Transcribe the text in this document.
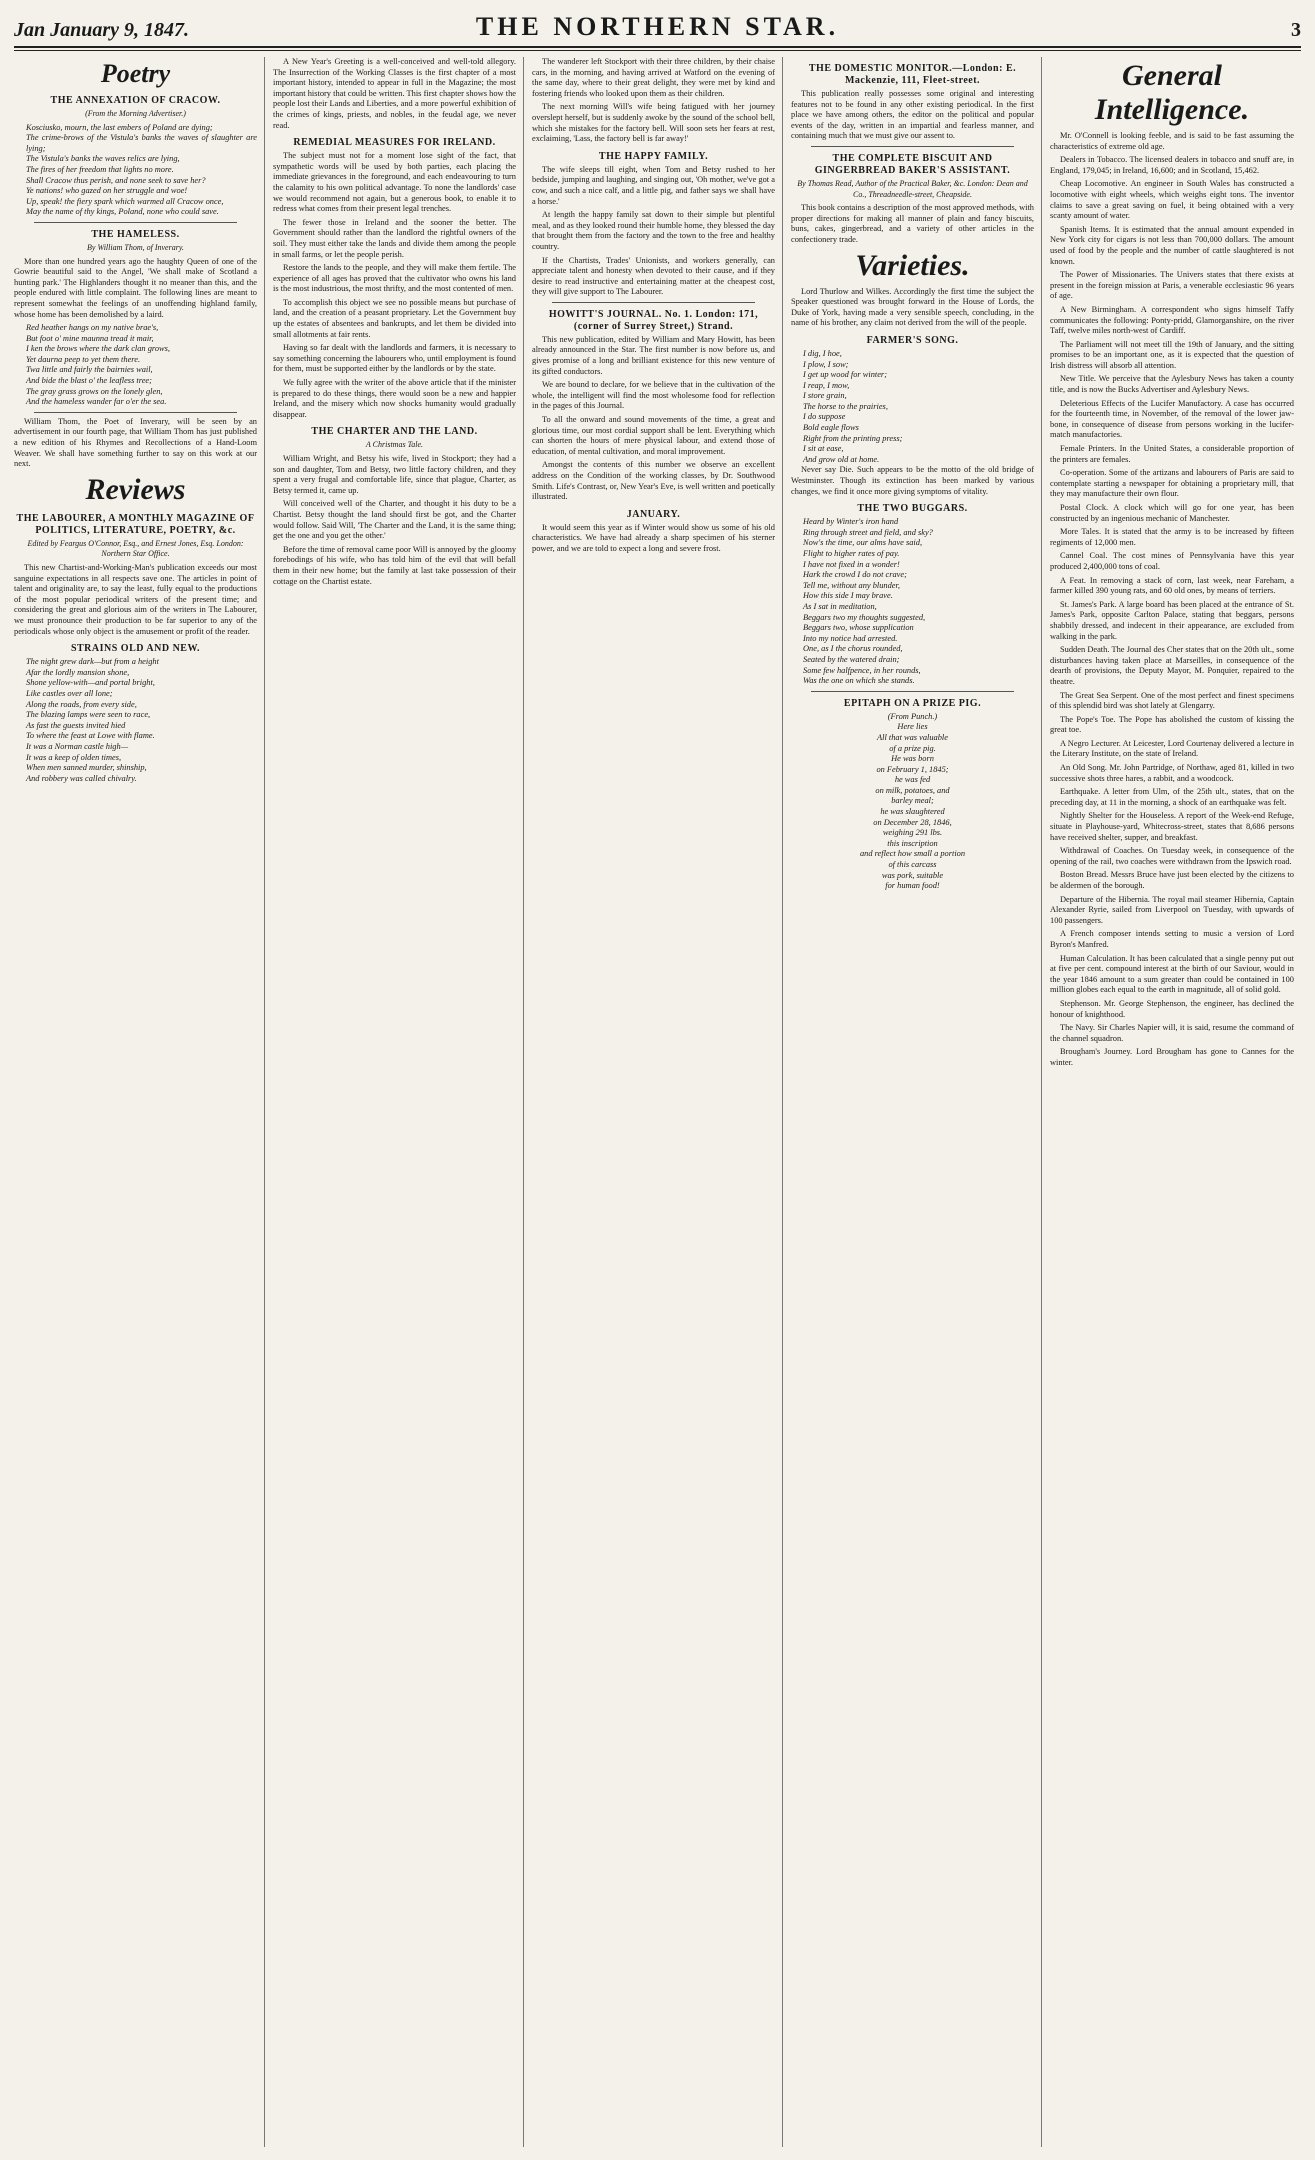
Jan January 9, 1847.	THE NORTHERN STAR.	3
Poetry
THE ANNEXATION OF CRACOW.
(From the Morning Advertiser.)
Kosciusko, mourn, the last embers of Poland are dying;
The crime-brows of the Vistula's banks the waves of slaughter are lying;
The Vistula's banks the waves relics are lying,
The fires of her freedom that lights no more.
Shall Cracow thus perish, and none seek to save her?
Ye nations! who gazed on her struggle and woe!
Up, speak! the fiery spark which warmed all Cracow once,
May the name of thy kings, Poland, none who could save.
THE HAMELESS.
By William Thom, of Inverary.

More than one hundred years ago the haughty Queen of one of the Gowrie beautiful said to the Angel, 'We shall make of Scotland a hunting park.' The Highlanders thought it no meaner than this, and the people endured with little complaint. The following lines are meant to represent somewhat the feelings of an unoffending highland family, whose home has been demolished by a laird.

Red heather hangs on my native brae's,
But foot o' mine maunna tread it mair,
I ken the brows where the dark clan grows,
Yet daurna peep to yet them there.
Twa little and fairly the bairnies wail,
And bide the blast o' the leafless tree;
The gray grass grows on the lonely glen,
And the hameless wander far o'er the sea.

William Thom, the Poet of Inverary, will be seen by an advertisement in our fourth page, that William Thom has just published a new edition of his Rhymes and Recollections of a Hand-Loom Weaver. We shall have something further to say on this work at our next.

Reviews
THE LABOURER, A MONTHLY MAGAZINE OF POLITICS, LITERATURE, POETRY, &c.
Edited by Feargus O'Connor, Esq., and Ernest Jones, Esq. London: Northern Star Office.

This new Chartist-and-Working-Man's publication exceeds our most sanguine expectations in all respects save one. The articles in point of talent and originality are, to say the least, fully equal to the productions of the most popular periodical writers of the present time; and considering the great and glorious aim of the writers in The Labourer, we must pronounce their production to be far superior to any of the periodicals whose only object is the amusement or profit of the reader.

STRAINS OLD AND NEW.
The night grew dark—but from a height
Afar the lordly mansion shone,
Shone yellow-with—and portal bright,
Like castles over all lone;
Along the roads, from every side,
The blazing lamps were seen to race,
As fast the guests invited hied
To where the feast at Lowe with flame.
It was a Norman castle high—
It was a keep of olden times,
When men sanned murder, shinship,
And robbery was called chivalry.

A New Year's Greeting is a well-conceived and well-told allegory. The Insurrection of the Working Classes is the first chapter of a most important history, intended to appear in full in the Magazine; the most important history that could be written. This first chapter shows how the people lost their Lands and Liberties, and a more powerful exhibition of the crimes of kings, priests, and nobles, in the feudal age, we never read.

REMEDIAL MEASURES FOR IRELAND.

The subject must not for a moment lose sight of the fact, that sympathetic words will be used by both parties, each placing the immediate grievances in the foreground, and each endeavouring to turn the calamity to his own political advantage. To none the landlords' case we would recommend not again, but a generous book, to enable it to redress what comes from their present legal trenches.

The fewer those in Ireland and the sooner the better. The Government should rather than the landlord the rightful owners of the soil. They must either take the lands and divide them among the people in small farms, or let the people perish.

Restore the lands to the people, and they will make them fertile. The experience of all ages has proved that the cultivator who owns his land is the most industrious, the most thrifty, and the most contented of men.

To accomplish this object we see no possible means but purchase of land, and the creation of a peasant proprietary. Let the Government buy up the estates of absentees and bankrupts, and let them be divided into small allotments at fair rents.

Having so far dealt with the landlords and farmers, it is necessary to say something concerning the labourers who, until employment is found for them, must be supported either by the landlords or by the state.

We fully agree with the writer of the above article that if the minister is prepared to do these things, there would soon be a new and happier Ireland, and the misery which now shocks humanity would gradually disappear.

THE CHARTER AND THE LAND.
A Christmas Tale.

William Wright, and Betsy his wife, lived in Stockport; they had a son and daughter, Tom and Betsy, two little factory children, and they spent a very frugal and comfortable life, since that plague, Charter, as Betsy termed it, came up.

Will conceived well of the Charter, and thought it his duty to be a Chartist. Betsy thought the land should first be got, and the Charter would follow. Said Will, 'The Charter and the Land, it is the same thing; get the one and you get the other.'

Before the time of removal came poor Will is annoyed by the gloomy forebodings of his wife, who has told him of the evil that will befall them in their new home; but the family at last take possession of their cottage on the Chartist estate.

The wanderer left Stockport with their three children, by their chaise cars, in the morning, and having arrived at Watford on the evening of the same day, where to their great delight, they were met by kind and fostering friends who looked upon them as their children.

The next morning Will's wife being fatigued with her journey overslept herself, but is suddenly awoke by the sound of the school bell, which she mistakes for the factory bell. Will soon sets her fears at rest, exclaiming, 'Lass, the factory bell is far away!'

THE HAPPY FAMILY.

The wife sleeps till eight, when Tom and Betsy rushed to her bedside, jumping and laughing, and singing out, 'Oh mother, we've got a cow, and such a nice calf, and a little pig, and father says we shall have a horse.'

At length the happy family sat down to their simple but plentiful meal, and as they looked round their humble home, they blessed the day that brought them from the factory and the town to the free and healthy country.

If the Chartists, Trades' Unionists, and workers generally, can appreciate talent and honesty when devoted to their cause, and if they desire to read instructive and entertaining matter at the cheapest cost, they will give support to The Labourer.

HOWITT'S JOURNAL. No. 1. London: 171, (corner of Surrey Street,) Strand.

This new publication, edited by William and Mary Howitt, has been already announced in the Star. The first number is now before us, and gives promise of a long and brilliant existence for this new venture of its gifted conductors.

We are bound to declare, for we believe that in the cultivation of the whole, the intelligent will find the most wholesome food for reflection in the pages of this Journal.

To all the onward and sound movements of the time, a great and glorious time, our most cordial support shall be lent. Everything which can shorten the hours of mere physical labour, and extend those of education, of mental cultivation, and moral improvement.

Amongst the contents of this number we observe an excellent address on the Condition of the working classes, by Dr. Southwood Smith. Life's Contrast, or, New Year's Eve, is well written and poetically illustrated.

JANUARY.

It would seem this year as if Winter would show us some of his old characteristics. We have had already a sharp specimen of his sterner power, and we are told to expect a long and severe frost.

THE DOMESTIC MONITOR.—London: E. Mackenzie, 111, Fleet-street.

This publication really possesses some original and interesting features not to be found in any other existing periodical. In the first place we have among others, the editor on the political and popular events of the day, written in an impartial and fearless manner, and containing much that we must give our assent to.

THE COMPLETE BISCUIT AND GINGERBREAD BAKER'S ASSISTANT.
By Thomas Read, Author of the Practical Baker, &c. London: Dean and Co., Threadneedle-street, Cheapside.

This book contains a description of the most approved methods, with proper directions for making all manner of plain and fancy biscuits, buns, cakes, gingerbread, and a variety of other articles in the confectionery trade.

Varieties.

Lord Thurlow and Wilkes. Accordingly the first time the subject the Speaker questioned was brought forward in the House of Lords, the Duke of York, having made a very sensible speech, concluding, in the name of his brother, any claim not derived from the will of the people.

FARMER'S SONG.
I dig, I hoe,
I plow, I sow;
I get up wood for winter;
I reap, I mow,
I store grain,
The horse to the prairies,
I do suppose
Bold eagle flows
Right from the printing press;
I sit at ease,
And grow old at home.

Never say Die. Such appears to be the motto of the old bridge of Westminster. Though its extinction has been marked by various changes, we find it once more giving symptoms of vitality.

THE TWO BUGGARS.
Heard by Winter's iron hand
Ring through street and field, and sky?
Now's the time, our alms have said,
Flight to higher rates of pay.
I have not fixed in a wonder!
Hark the crowd I do not crave;
Tell me, without any blunder,
How this side I may brave.
As I sat in meditation,
Beggars two my thoughts suggested,
Beggars two, whose supplication
Into my notice had arrested.
One, as I the chorus rounded,
Seated by the watered drain;
Some few halfpence, in her rounds,
Was the one on which she stands.
EPITAPH ON A PRIZE PIG.
(From Punch.)
Here lies
All that was valuable
of a prize pig.
He was born
on February 1, 1845;
he was fed
on milk, potatoes, and
barley meal;
he was slaughtered
on December 28, 1846,
weighing 291 lbs.
this inscription
and reflect how small a portion
of this carcass
was pork, suitable
for human food!
General Intelligence.

Mr. O'Connell is looking feeble, and is said to be fast assuming the characteristics of extreme old age.

Dealers in Tobacco. The licensed dealers in tobacco and snuff are, in England, 179,045; in Ireland, 16,600; and in Scotland, 15,462.

Cheap Locomotive. An engineer in South Wales has constructed a locomotive with eight wheels, which weighs eight tons. The inventor claims to save a great saving on fuel, it being obtained with a very scanty amount of water.

Spanish Items. It is estimated that the annual amount expended in New York city for cigars is not less than 700,000 dollars. The amount used of food by the people and the number of cattle slaughtered is not known.

The Power of Missionaries. The Univers states that there exists at present in the foreign mission at Paris, a venerable ecclesiastic 96 years of age.

A New Birmingham. A correspondent who signs himself Taffy communicates the following: Ponty-pridd, Glamorganshire, on the river Taff, twelve miles north-west of Cardiff.

The Parliament will not meet till the 19th of January, and the sitting promises to be an important one, as it is expected that the question of Irish distress will absorb all attention.

New Title. We perceive that the Aylesbury News has taken a county title, and is now the Bucks Advertiser and Aylesbury News.

Deleterious Effects of the Lucifer Manufactory. A case has occurred for the fourteenth time, in November, of the removal of the lower jaw-bone, in consequence of disease from persons working in the lucifer-match manufactories.

Female Printers. In the United States, a considerable proportion of the printers are females.

Co-operation. Some of the artizans and labourers of Paris are said to contemplate starting a newspaper for obtaining a proprietary mill, that they may manufacture their own flour.

Postal Clock. A clock which will go for one year, has been constructed by an ingenious mechanic of Manchester.

More Tales. It is stated that the army is to be increased by fifteen regiments of 12,000 men.

Cannel Coal. The cost mines of Pennsylvania have this year produced 2,400,000 tons of coal.

A Feat. In removing a stack of corn, last week, near Fareham, a farmer killed 390 young rats, and 60 old ones, by means of terriers.

St. James's Park. A large board has been placed at the entrance of St. James's Park, opposite Carlton Palace, stating that beggars, persons shabbily dressed, and indecent in their appearance, are excluded from walking in the park.

Sudden Death. The Journal des Cher states that on the 20th ult., some disturbances having taken place at Marseilles, in consequence of the dearth of provisions, the Deputy Mayor, M. Ponquier, repaired to the theatre.

The Great Sea Serpent. One of the most perfect and finest specimens of this splendid bird was shot lately at Glengarry.

The Pope's Toe. The Pope has abolished the custom of kissing the great toe.

A Negro Lecturer. At Leicester, Lord Courtenay delivered a lecture in the Literary Institute, on the state of Ireland.

An Old Song. Mr. John Partridge, of Northaw, aged 81, killed in two successive shots three hares, a rabbit, and a woodcock.

Earthquake. A letter from Ulm, of the 25th ult., states, that on the preceding day, at 11 in the morning, a shock of an earthquake was felt.

Nightly Shelter for the Houseless. A report of the Week-end Refuge, situate in Playhouse-yard, Whitecross-street, states that 8,686 persons have received shelter, supper, and breakfast.

Withdrawal of Coaches. On Tuesday week, in consequence of the opening of the rail, two coaches were withdrawn from the Ipswich road.

Boston Bread. Messrs Bruce have just been elected by the citizens to be aldermen of the borough.

Departure of the Hibernia. The royal mail steamer Hibernia, Captain Alexander Ryrie, sailed from Liverpool on Tuesday, with upwards of 100 passengers.

A French composer intends setting to music a version of Lord Byron's Manfred.

Human Calculation. It has been calculated that a single penny put out at five per cent. compound interest at the birth of our Saviour, would in the year 1846 amount to a sum greater than could be contained in 100 million globes each equal to the earth in magnitude, all of solid gold.

Stephenson. Mr. George Stephenson, the engineer, has declined the honour of knighthood.

The Navy. Sir Charles Napier will, it is said, resume the command of the channel squadron.

Brougham's Journey. Lord Brougham has gone to Cannes for the winter.
